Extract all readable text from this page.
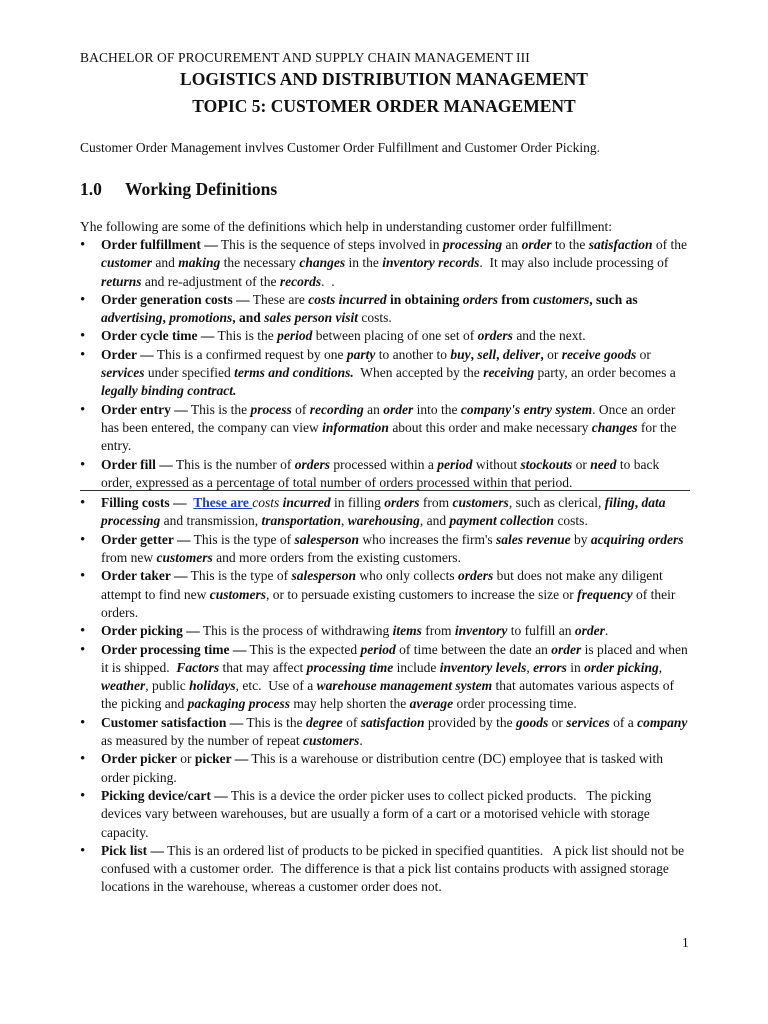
BACHELOR OF PROCUREMENT AND SUPPLY CHAIN MANAGEMENT III
LOGISTICS AND DISTRIBUTION MANAGEMENT
TOPIC 5: CUSTOMER ORDER MANAGEMENT
Customer Order Management invlves Customer Order Fulfillment and Customer Order Picking.
1.0 Working Definitions
Yhe following are some of the definitions which help in understanding customer order fulfillment:
• Order fulfillment — This is the sequence of steps involved in processing an order to the satisfaction of the customer and making the necessary changes in the inventory records.  It may also include processing of returns and re-adjustment of the records.  .
• Order generation costs — These are costs incurred in obtaining orders from customers, such as advertising, promotions, and sales person visit costs.
• Order cycle time — This is the period between placing of one set of orders and the next.
• Order — This is a confirmed request by one party to another to buy, sell, deliver, or receive goods or services under specified terms and conditions.  When accepted by the receiving party, an order becomes a legally binding contract.
• Order entry — This is the process of recording an order into the company's entry system. Once an order has been entered, the company can view information about this order and make necessary changes for the entry.
• Order fill — This is the number of orders processed within a period without stockouts or need to back order, expressed as a percentage of total number of orders processed within that period.
• Filling costs — These are costs incurred in filling orders from customers, such as clerical, filing, data processing and transmission, transportation, warehousing, and payment collection costs.
• Order getter — This is the type of salesperson who increases the firm's sales revenue by acquiring orders from new customers and more orders from the existing customers.
• Order taker — This is the type of salesperson who only collects orders but does not make any diligent attempt to find new customers, or to persuade existing customers to increase the size or frequency of their orders.
• Order picking — This is the process of withdrawing items from inventory to fulfill an order.
• Order processing time — This is the expected period of time between the date an order is placed and when it is shipped.  Factors that may affect processing time include inventory levels, errors in order picking, weather, public holidays, etc.  Use of a warehouse management system that automates various aspects of the picking and packaging process may help shorten the average order processing time.
• Customer satisfaction — This is the degree of satisfaction provided by the goods or services of a company as measured by the number of repeat customers.
• Order picker or picker — This is a warehouse or distribution centre (DC) employee that is tasked with order picking.
• Picking device/cart — This is a device the order picker uses to collect picked products.   The picking devices vary between warehouses, but are usually a form of a cart or a motorised vehicle with storage capacity.
• Pick list — This is an ordered list of products to be picked in specified quantities.   A pick list should not be confused with a customer order.  The difference is that a pick list contains products with assigned storage locations in the warehouse, whereas a customer order does not.
1
